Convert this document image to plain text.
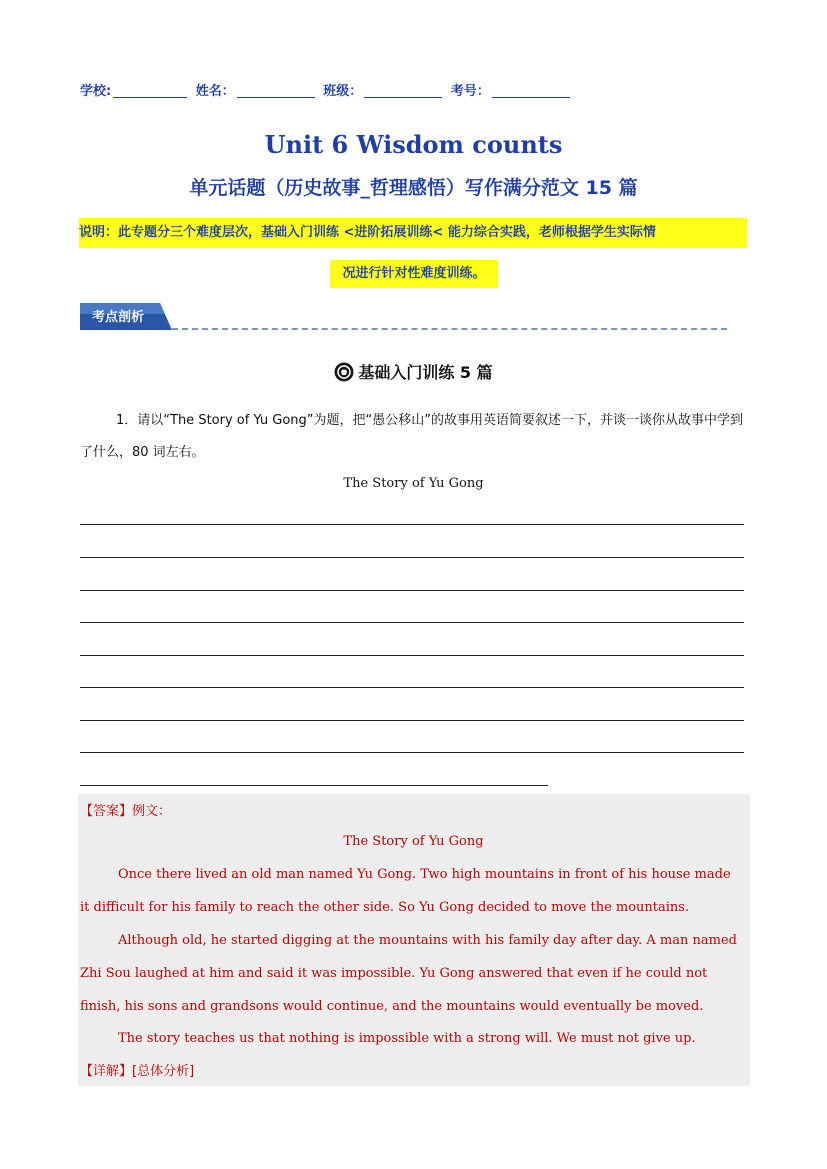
学校:	姓名：	班级：	考号：
Unit 6 Wisdom counts
单元话题（历史故事_哲理感悟）写作满分范文 15 篇
说明：此专题分三个难度层次，基础入门训练 <进阶拓展训练< 能力综合实践，老师根据学生实际情
况进行针对性难度训练。
考点剖析
基础入门训练 5 篇
1．请以“The Story of Yu Gong”为题，把“愚公移山”的故事用英语简要叙述一下，并谈一谈你从故事中学到了什么，80 词左右。
The Story of Yu Gong
【答案】例文：
The Story of Yu Gong
Once there lived an old man named Yu Gong. Two high mountains in front of his house made it difficult for his family to reach the other side. So Yu Gong decided to move the mountains.
Although old, he started digging at the mountains with his family day after day. A man named Zhi Sou laughed at him and said it was impossible. Yu Gong answered that even if he could not finish, his sons and grandsons would continue, and the mountains would eventually be moved.
The story teaches us that nothing is impossible with a strong will. We must not give up.
【详解】[总体分析]
